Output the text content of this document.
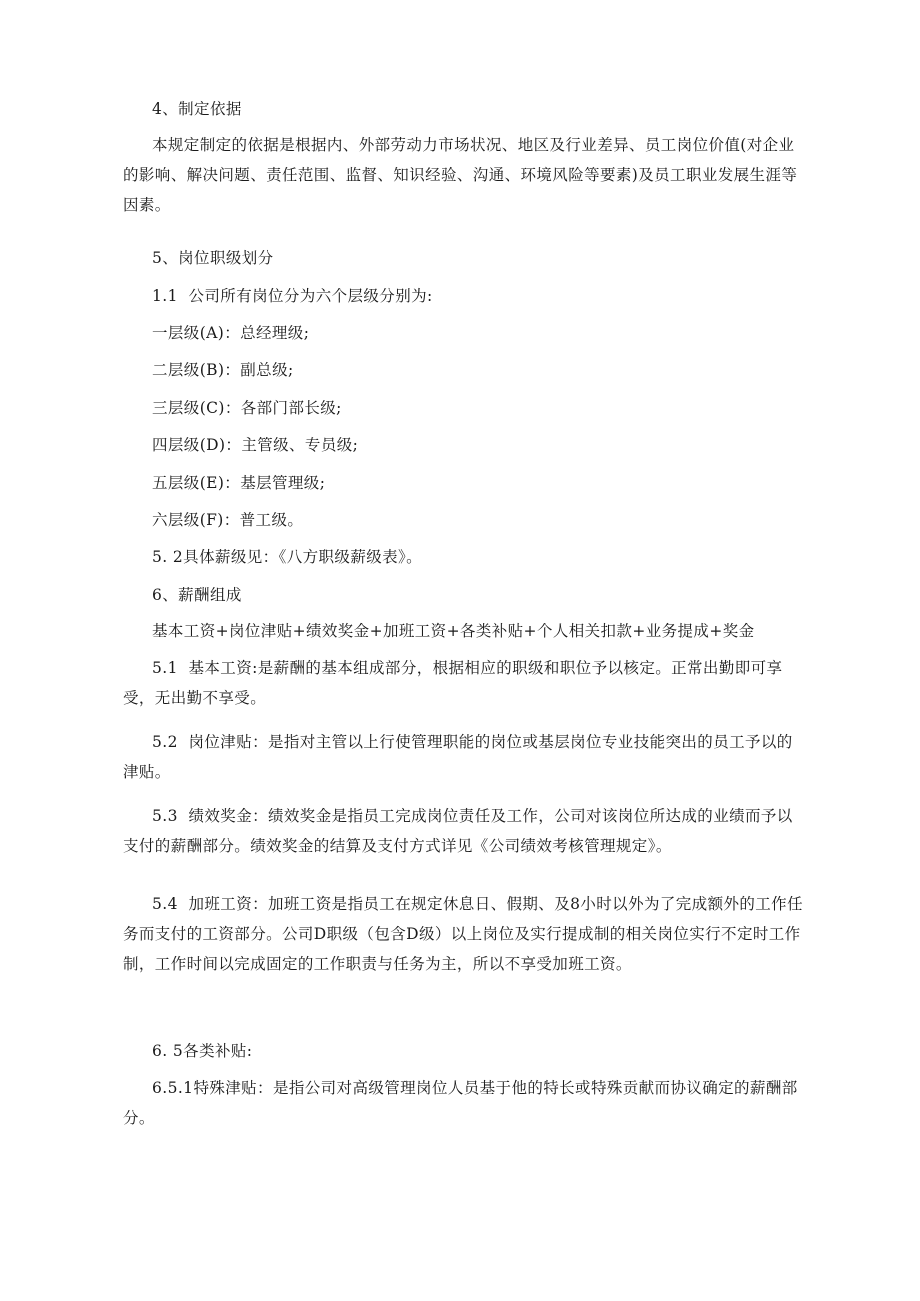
4、制定依据

本规定制定的依据是根据内、外部劳动力市场状况、地区及行业差异、员工岗位价值(对企业的影响、解决问题、责任范围、监督、知识经验、沟通、环境风险等要素)及员工职业发展生涯等因素。

5、岗位职级划分

1.1  公司所有岗位分为六个层级分别为:

一层级(A)：总经理级;

二层级(B)：副总级;

三层级(C)：各部门部长级;

四层级(D)：主管级、专员级;

五层级(E)：基层管理级;

六层级(F)：普工级。

5. 2具体薪级见：《八方职级薪级表》。

6、薪酬组成

基本工资+岗位津贴+绩效奖金+加班工资+各类补贴+个人相关扣款+业务提成+奖金

5.1  基本工资:是薪酬的基本组成部分，根据相应的职级和职位予以核定。正常出勤即可享受，无出勤不享受。

5.2  岗位津贴：是指对主管以上行使管理职能的岗位或基层岗位专业技能突出的员工予以的津贴。

5.3  绩效奖金：绩效奖金是指员工完成岗位责任及工作，公司对该岗位所达成的业绩而予以支付的薪酬部分。绩效奖金的结算及支付方式详见《公司绩效考核管理规定》。

5.4  加班工资：加班工资是指员工在规定休息日、假期、及8小时以外为了完成额外的工作任务而支付的工资部分。公司D职级（包含D级）以上岗位及实行提成制的相关岗位实行不定时工作制，工作时间以完成固定的工作职责与任务为主，所以不享受加班工资。

6. 5各类补贴:

6.5.1特殊津贴：是指公司对高级管理岗位人员基于他的特长或特殊贡献而协议确定的薪酬部分。
